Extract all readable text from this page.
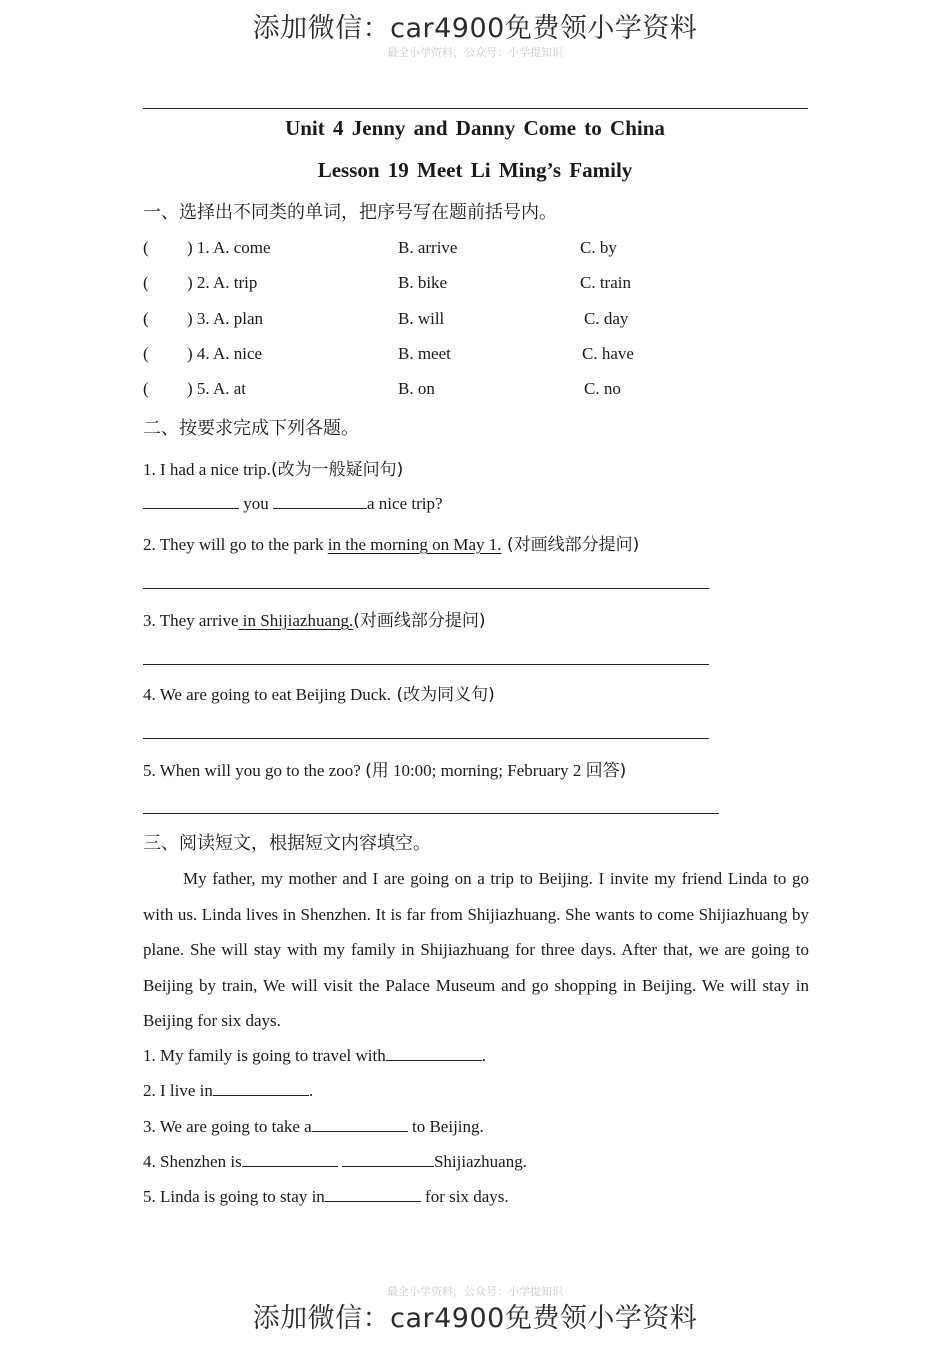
添加微信：car4900免费领小学资料
最全小学资料，公众号：小学提知识
Unit 4 Jenny and Danny Come to China
Lesson 19 Meet Li Ming’s Family
一、选择出不同类的单词，把序号写在题前括号内。
( ) 1. A. come	B. arrive	C. by
( ) 2. A. trip	B. bike	C. train
( ) 3. A. plan	B. will	C. day
( ) 4. A. nice	B. meet	C. have
( ) 5. A. at	B. on	C. no
二、按要求完成下列各题。
1. I had a nice trip.(改为一般疑问句)
you	a nice trip?
2. They will go to the park in the morning on May 1. (对画线部分提问)
3. They arrive in Shijiazhuang.(对画线部分提问)
4. We are going to eat Beijing Duck. (改为同义句)
5. When will you go to the zoo? (用 10:00; morning; February 2 回答)
三、阅读短文，根据短文内容填空。
My father, my mother and I are going on a trip to Beijing. I invite my friend Linda to go with us. Linda lives in Shenzhen. It is far from Shijiazhuang. She wants to come Shijiazhuang by plane. She will stay with my family in Shijiazhuang for three days. After that, we are going to Beijing by train, We will visit the Palace Museum and go shopping in Beijing. We will stay in Beijing for six days.
1. My family is going to travel with	.
2. I live in	.
3. We are going to take a	to Beijing.
4. Shenzhen is	Shijiazhuang.
5. Linda is going to stay in	for six days.
最全小学资料，公众号：小学提知识
添加微信：car4900免费领小学资料
